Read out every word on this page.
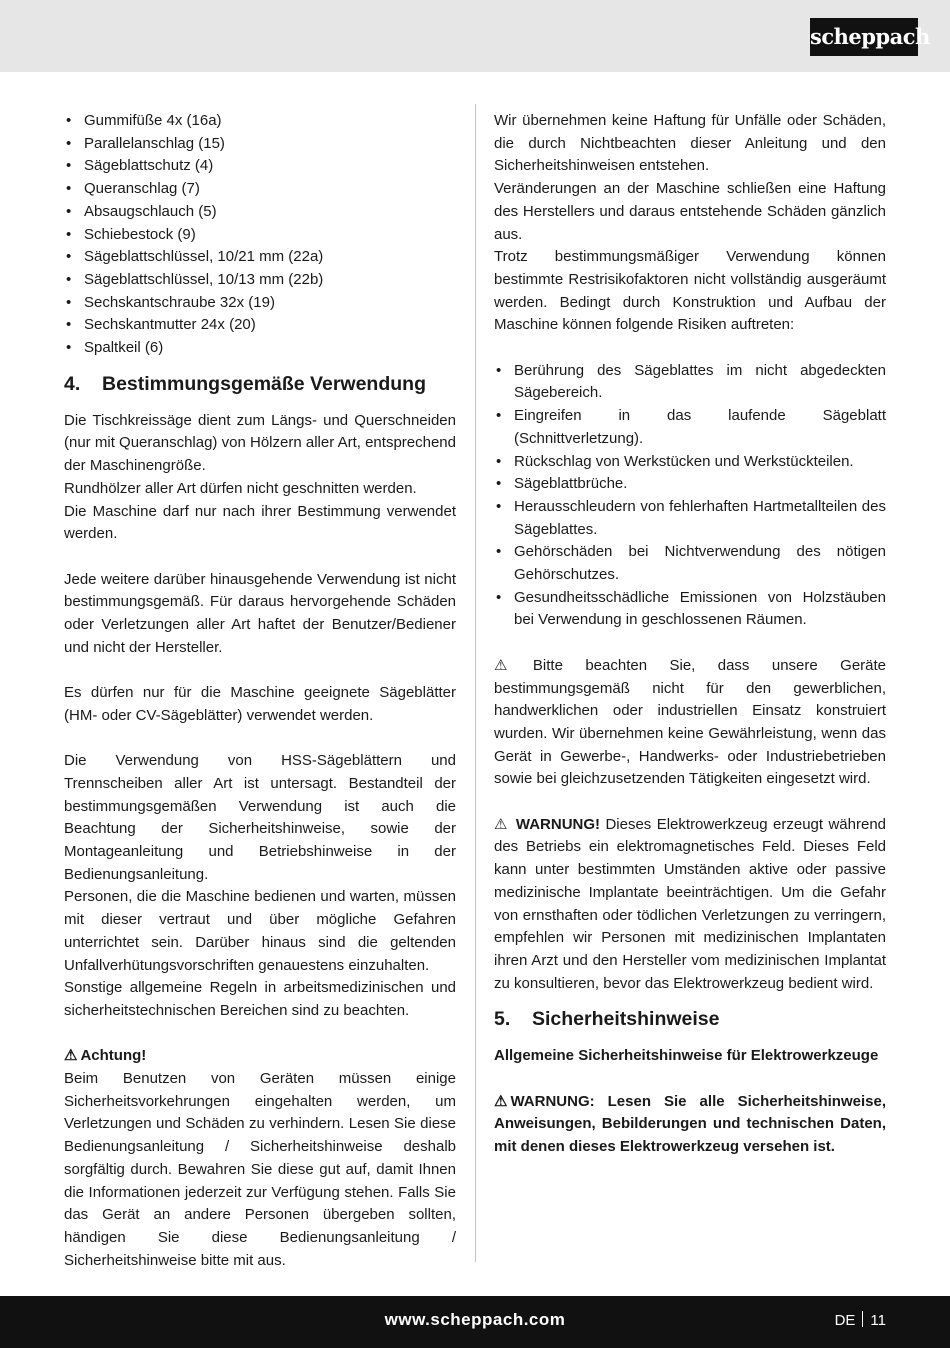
scheppach
• Gummifüße 4x (16a)
• Parallelanschlag (15)
• Sägeblattschutz (4)
• Queranschlag (7)
• Absaugschlauch (5)
• Schiebestock (9)
• Sägeblattschlüssel, 10/21 mm (22a)
• Sägeblattschlüssel, 10/13 mm (22b)
• Sechskantschraube 32x (19)
• Sechskantmutter 24x (20)
• Spaltkeil (6)
4. Bestimmungsgemäße Verwendung

Die Tischkreissäge dient zum Längs- und Querschneiden (nur mit Queranschlag) von Hölzern aller Art, entsprechend der Maschinengröße.

Rundhölzer aller Art dürfen nicht geschnitten werden.

Die Maschine darf nur nach ihrer Bestimmung verwendet werden.

Jede weitere darüber hinausgehende Verwendung ist nicht bestimmungsgemäß. Für daraus hervorgehende Schäden oder Verletzungen aller Art haftet der Benutzer/Bediener und nicht der Hersteller.

Es dürfen nur für die Maschine geeignete Sägeblätter (HM- oder CV-Sägeblätter) verwendet werden.

Die Verwendung von HSS-Sägeblättern und Trennscheiben aller Art ist untersagt. Bestandteil der bestimmungsgemäßen Verwendung ist auch die Beachtung der Sicherheitshinweise, sowie der Montageanleitung und Betriebshinweise in der Bedienungsanleitung.

Personen, die die Maschine bedienen und warten, müssen mit dieser vertraut und über mögliche Gefahren unterrichtet sein. Darüber hinaus sind die geltenden Unfallverhütungsvorschriften genauestens einzuhalten.

Sonstige allgemeine Regeln in arbeitsmedizinischen und sicherheitstechnischen Bereichen sind zu beachten.

⚠ Achtung!

Beim Benutzen von Geräten müssen einige Sicherheitsvorkehrungen eingehalten werden, um Verletzungen und Schäden zu verhindern. Lesen Sie diese Bedienungsanleitung / Sicherheitshinweise deshalb sorgfältig durch. Bewahren Sie diese gut auf, damit Ihnen die Informationen jederzeit zur Verfügung stehen. Falls Sie das Gerät an andere Personen übergeben sollten, händigen Sie diese Bedienungsanleitung / Sicherheitshinweise bitte mit aus.

Wir übernehmen keine Haftung für Unfälle oder Schäden, die durch Nichtbeachten dieser Anleitung und den Sicherheitshinweisen entstehen.

Veränderungen an der Maschine schließen eine Haftung des Herstellers und daraus entstehende Schäden gänzlich aus.

Trotz bestimmungsmäßiger Verwendung können bestimmte Restrisikofaktoren nicht vollständig ausgeräumt werden. Bedingt durch Konstruktion und Aufbau der Maschine können folgende Risiken auftreten:

• Berührung des Sägeblattes im nicht abgedeckten Sägebereich.
• Eingreifen in das laufende Sägeblatt (Schnittverletzung).
• Rückschlag von Werkstücken und Werkstückteilen.
• Sägeblattbrüche.
• Herausschleudern von fehlerhaften Hartmetallteilen des Sägeblattes.
• Gehörschäden bei Nichtverwendung des nötigen Gehörschutzes.
• Gesundheitsschädliche Emissionen von Holzstäuben bei Verwendung in geschlossenen Räumen.

⚠ Bitte beachten Sie, dass unsere Geräte bestimmungsgemäß nicht für den gewerblichen, handwerklichen oder industriellen Einsatz konstruiert wurden. Wir übernehmen keine Gewährleistung, wenn das Gerät in Gewerbe-, Handwerks- oder Industriebetrieben sowie bei gleichzusetzenden Tätigkeiten eingesetzt wird.

⚠ WARNUNG! Dieses Elektrowerkzeug erzeugt während des Betriebs ein elektromagnetisches Feld. Dieses Feld kann unter bestimmten Umständen aktive oder passive medizinische Implantate beeinträchtigen. Um die Gefahr von ernsthaften oder tödlichen Verletzungen zu verringern, empfehlen wir Personen mit medizinischen Implantaten ihren Arzt und den Hersteller vom medizinischen Implantat zu konsultieren, bevor das Elektrowerkzeug bedient wird.

5. Sicherheitshinweise

Allgemeine Sicherheitshinweise für Elektrowerkzeuge

⚠ WARNUNG: Lesen Sie alle Sicherheitshinweise, Anweisungen, Bebilderungen und technischen Daten, mit denen dieses Elektrowerkzeug versehen ist.

www.scheppach.com	DE 11
